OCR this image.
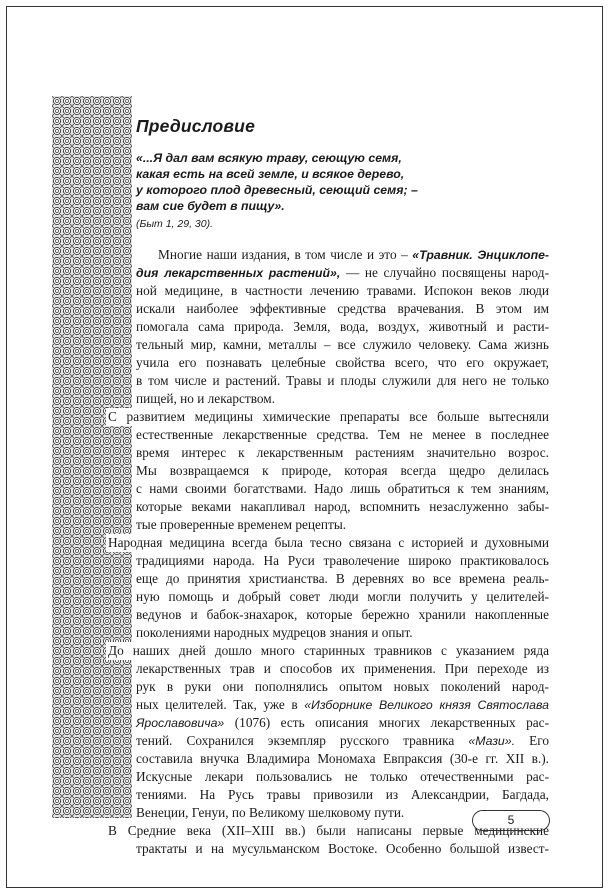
Предисловие
«...Я дал вам всякую траву, сеющую семя,
какая есть на всей земле, и всякое дерево,
у которого плод древесный, сеющий семя; –
вам сие будет в пищу».
(Быт 1, 29, 30).
Многие наши издания, в том числе и это – «Травник. Энциклопе-
дия лекарственных растений», — не случайно посвящены народ-
ной медицине, в частности лечению травами. Испокон веков люди
искали наиболее эффективные средства врачевания. В этом им
помогала сама природа. Земля, вода, воздух, животный и расти-
тельный мир, камни, металлы – все служило человеку. Сама жизнь
учила его познавать целебные свойства всего, что его окружает,
в том числе и растений. Травы и плоды служили для него не только
пищей, но и лекарством.
С развитием медицины химические препараты все больше вытесняли
естественные лекарственные средства. Тем не менее в последнее
время интерес к лекарственным растениям значительно возрос.
Мы возвращаемся к природе, которая всегда щедро делилась
с нами своими богатствами. Надо лишь обратиться к тем знаниям,
которые веками накапливал народ, вспомнить незаслуженно забы-
тые проверенные временем рецепты.
Народная медицина всегда была тесно связана с историей и духовными
традициями народа. На Руси траволечение широко практиковалось
еще до принятия христианства. В деревнях во все времена реаль-
ную помощь и добрый совет люди могли получить у целителей-
ведунов и бабок-знахарок, которые бережно хранили накопленные
поколениями народных мудрецов знания и опыт.
До наших дней дошло много старинных травников с указанием ряда
лекарственных трав и способов их применения. При переходе из
рук в руки они пополнялись опытом новых поколений народ-
ных целителей. Так, уже в «Изборнике Великого князя Святослава
Ярославовича» (1076) есть описания многих лекарственных рас-
тений. Сохранился экземпляр русского травника «Мази». Его
составила внучка Владимира Мономаха Евпраксия (30-е гг. XII в.).
Искусные лекари пользовались не только отечественными рас-
тениями. На Русь травы привозили из Александрии, Багдада,
Венеции, Генуи, по Великому шелковому пути.
В Средние века (XII–XIII вв.) были написаны первые медицинские
трактаты и на мусульманском Востоке. Особенно большой извест-
5
